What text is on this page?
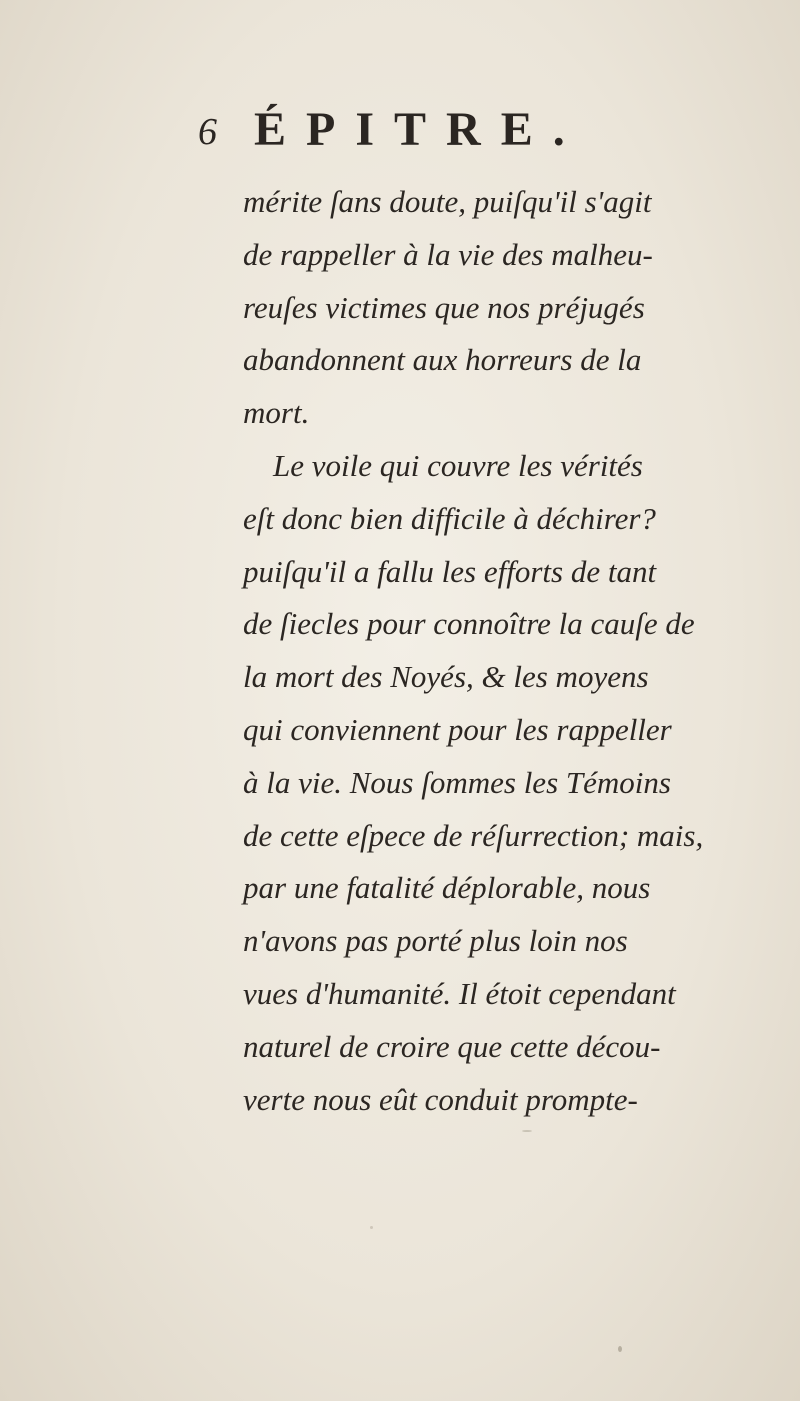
6 ÉPITRE.
mérite ſans doute, puiſqu'il s'agit
de rappeller à la vie des malheu-
reuſes victimes que nos préjugés
abandonnent aux horreurs de la
mort.
Le voile qui couvre les vérités
eſt donc bien difficile à déchirer?
puiſqu'il a fallu les efforts de tant
de ſiecles pour connoître la cauſe de
la mort des Noyés, & les moyens
qui conviennent pour les rappeller
à la vie. Nous ſommes les Témoins
de cette eſpece de réſurrection; mais,
par une fatalité déplorable, nous
n'avons pas porté plus loin nos
vues d'humanité. Il étoit cependant
naturel de croire que cette décou-
verte nous eût conduit prompte-
